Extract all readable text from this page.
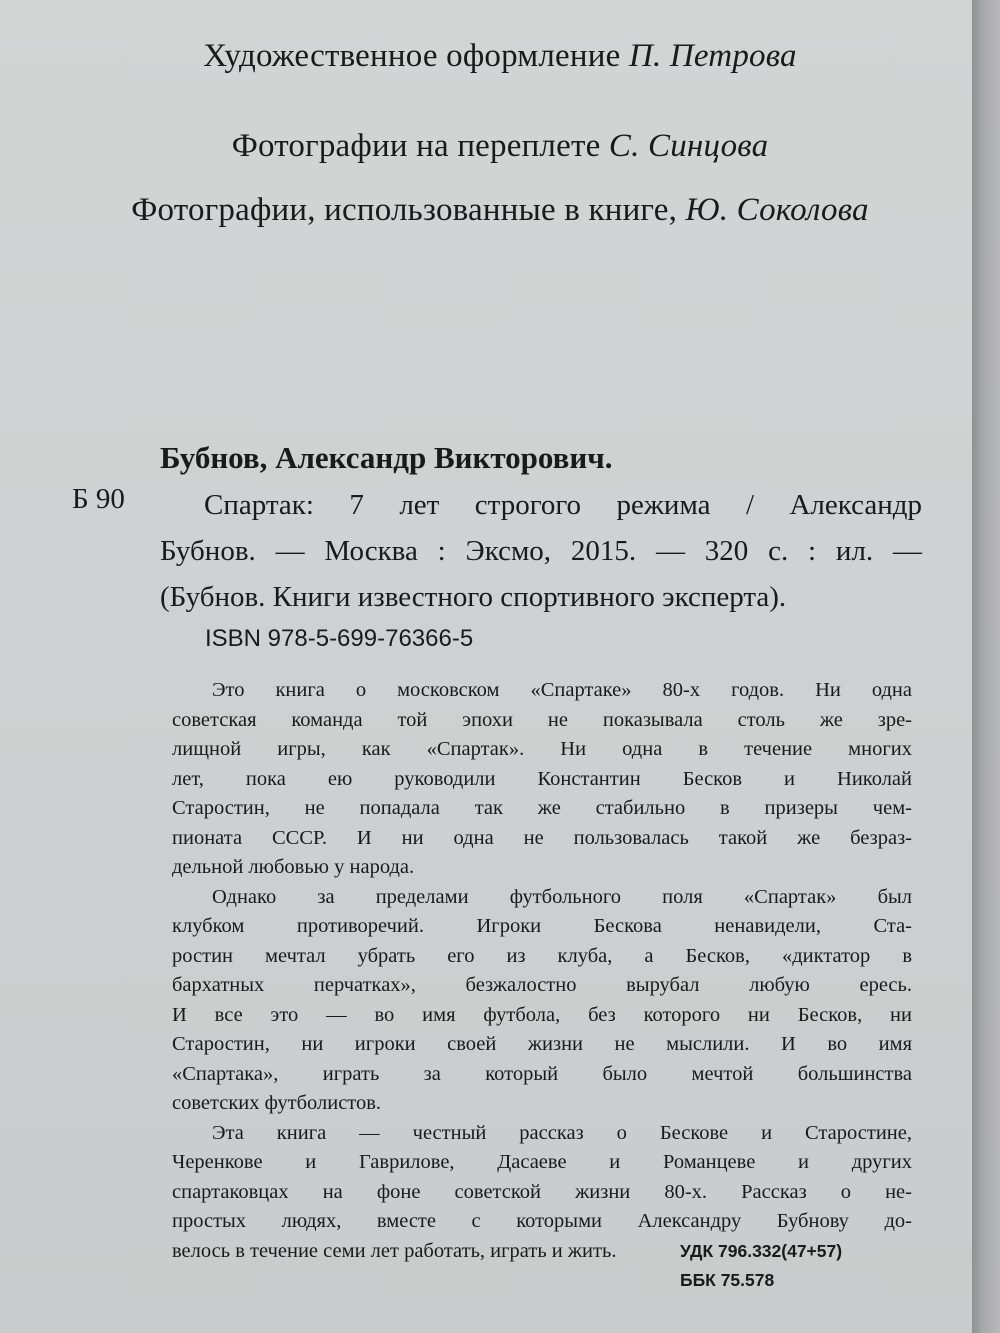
Художественное оформление П. Петрова
Фотографии на переплете С. Синцова
Фотографии, использованные в книге, Ю. Соколова
Бубнов, Александр Викторович.
Б 90	Спартак: 7 лет строгого режима / Александр
Бубнов. — Москва : Эксмо, 2015. — 320 с. : ил. —
(Бубнов. Книги известного спортивного эксперта).
ISBN 978-5-699-76366-5
Это книга о московском «Спартаке» 80-х годов. Ни одна
советская команда той эпохи не показывала столь же зре-
лищной игры, как «Спартак». Ни одна в течение многих
лет, пока ею руководили Константин Бесков и Николай
Старостин, не попадала так же стабильно в призеры чем-
пионата СССР. И ни одна не пользовалась такой же безраз-
дельной любовью у народа.
Однако за пределами футбольного поля «Спартак» был
клубком противоречий. Игроки Бескова ненавидели, Ста-
ростин мечтал убрать его из клуба, а Бесков, «диктатор в
бархатных перчатках», безжалостно вырубал любую ересь.
И все это — во имя футбола, без которого ни Бесков, ни
Старостин, ни игроки своей жизни не мыслили. И во имя
«Спартака», играть за который было мечтой большинства
советских футболистов.
Эта книга — честный рассказ о Бескове и Старостине,
Черенкове и Гаврилове, Дасаеве и Романцеве и других
спартаковцах на фоне советской жизни 80-х. Рассказ о не-
простых людях, вместе с которыми Александру Бубнову до-
велось в течение семи лет работать, играть и жить.	УДК 796.332(47+57)
ББК 75.578
